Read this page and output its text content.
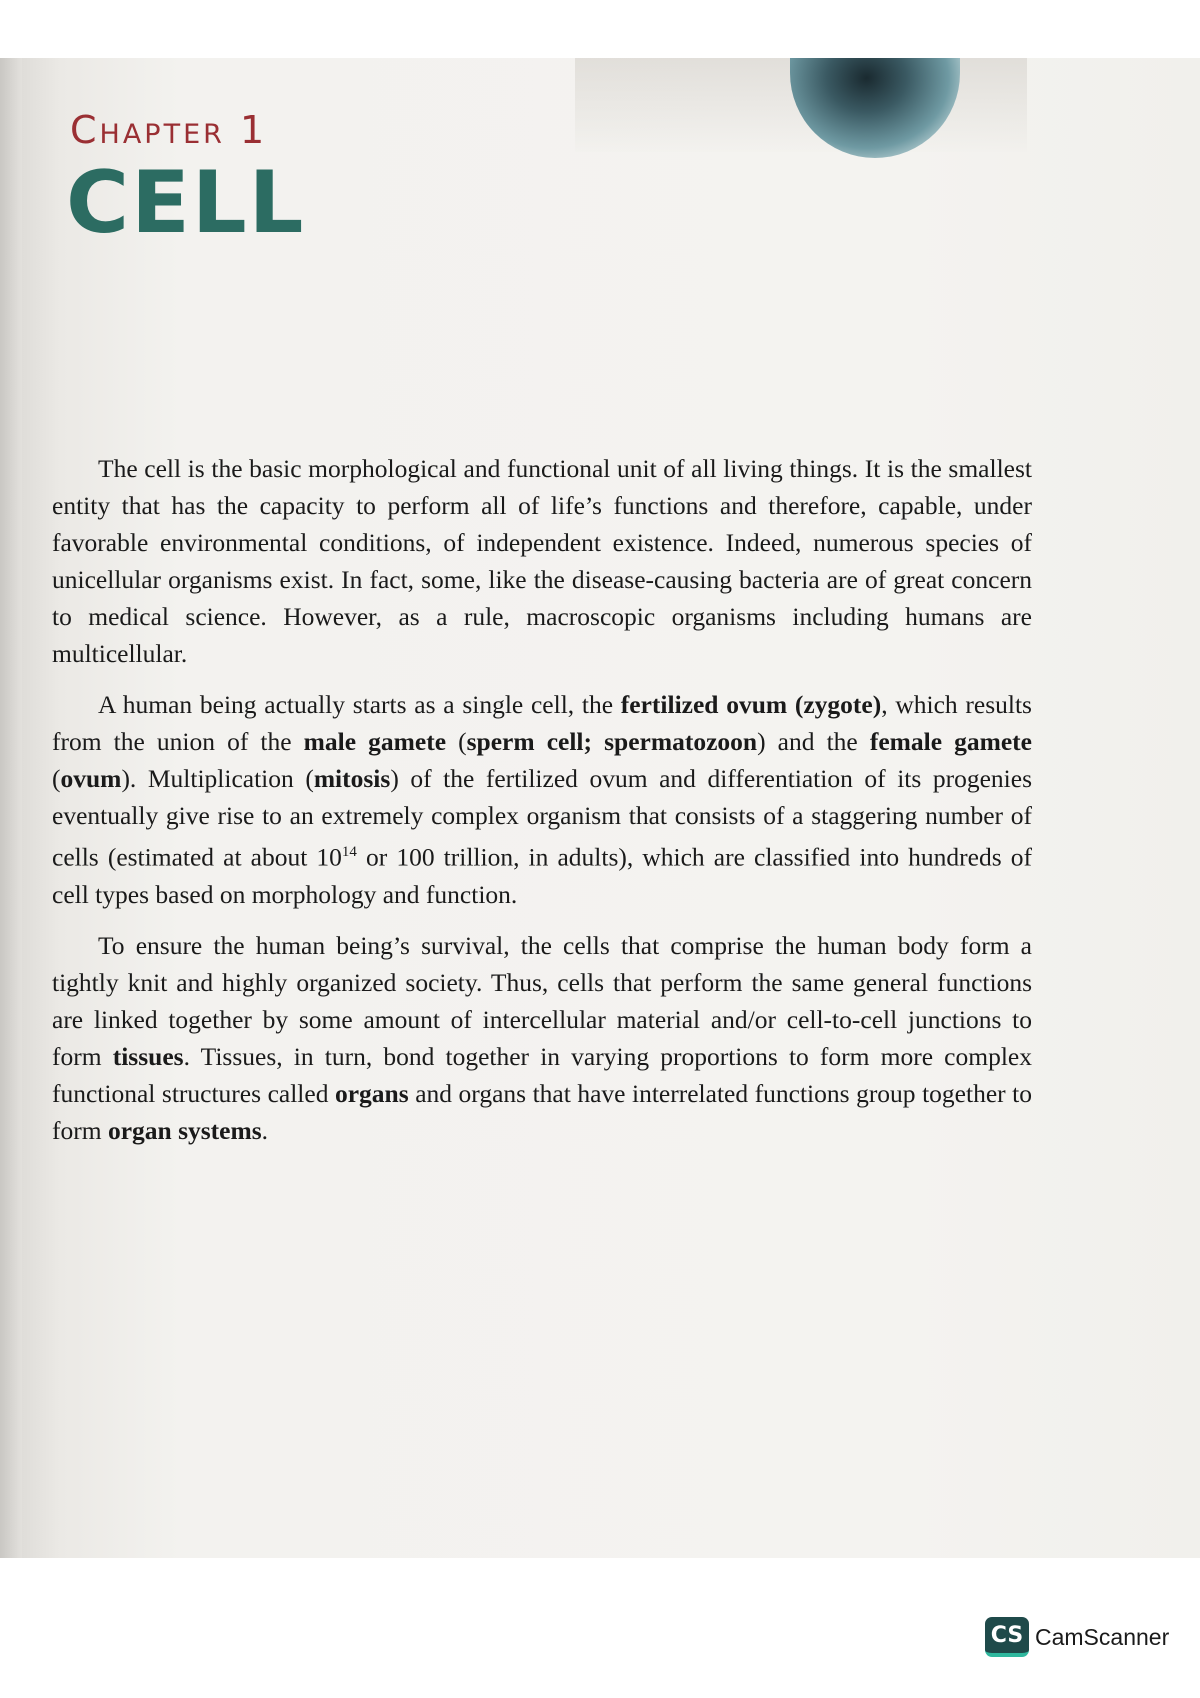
Chapter 1
CELL

The cell is the basic morphological and functional unit of all living things. It is the smallest entity that has the capacity to perform all of life’s functions and therefore, capable, under favorable environmental conditions, of independent existence. Indeed, numerous species of unicellular organisms exist. In fact, some, like the disease-causing bacteria are of great concern to medical science. However, as a rule, macroscopic organisms including humans are multicellular.

A human being actually starts as a single cell, the fertilized ovum (zygote), which results from the union of the male gamete (sperm cell; spermatozoon) and the female gamete (ovum). Multiplication (mitosis) of the fertilized ovum and differentiation of its progenies eventually give rise to an extremely complex organism that consists of a staggering number of cells (estimated at about $10^{14}$ or 100 trillion, in adults), which are classified into hundreds of cell types based on morphology and function.

To ensure the human being’s survival, the cells that comprise the human body form a tightly knit and highly organized society. Thus, cells that perform the same general functions are linked together by some amount of intercellular material and/or cell-to-cell junctions to form tissues. Tissues, in turn, bond together in varying proportions to form more complex functional structures called organs and organs that have interrelated functions group together to form organ systems.

CS CamScanner
